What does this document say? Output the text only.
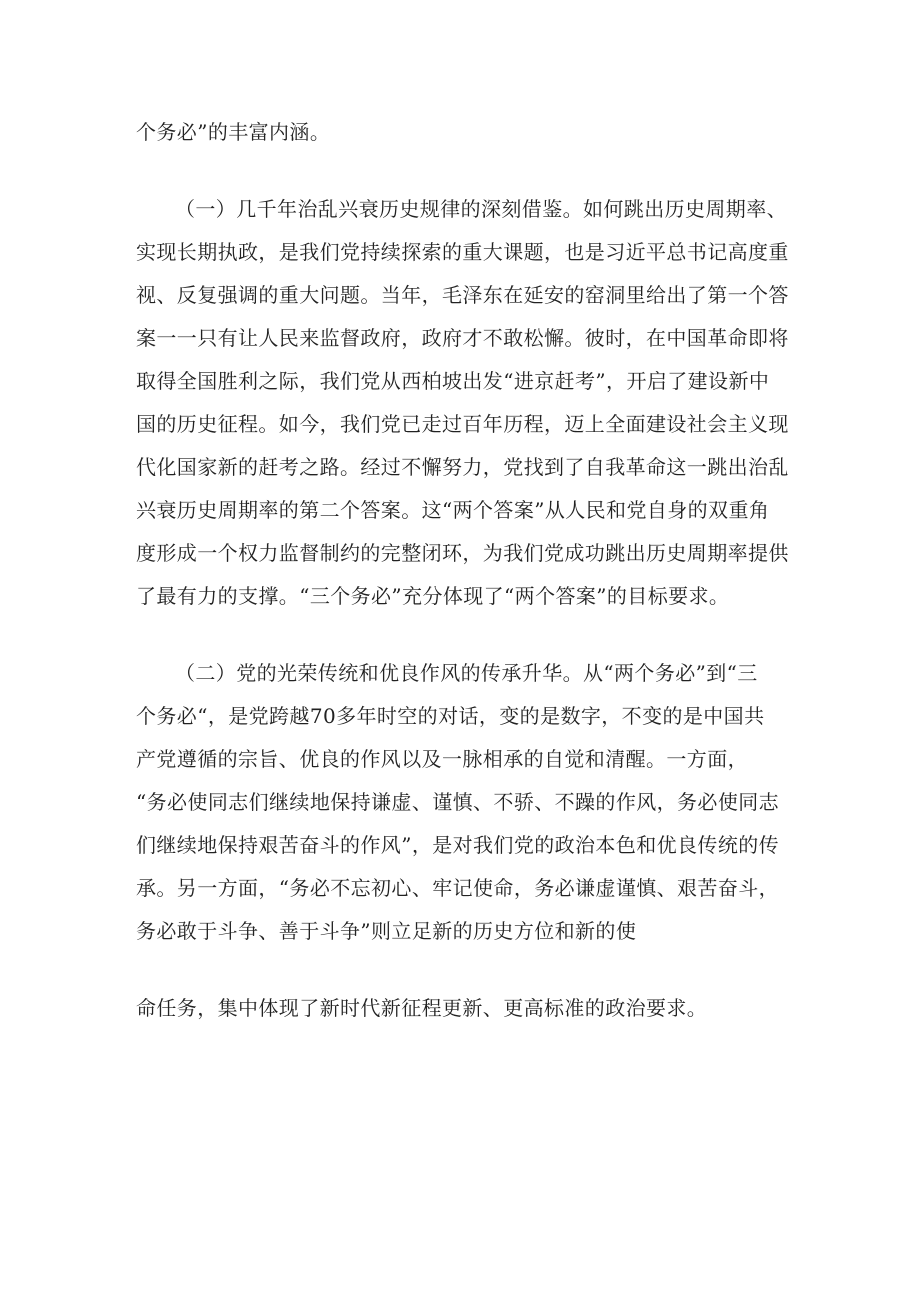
个务必”的丰富内涵。
（一）几千年治乱兴衰历史规律的深刻借鉴。如何跳出历史周期率、
实现长期执政，是我们党持续探索的重大课题，也是习近平总书记高度重
视、反复强调的重大问题。当年，毛泽东在延安的窑洞里给出了第一个答
案一一只有让人民来监督政府，政府才不敢松懈。彼时，在中国革命即将
取得全国胜利之际，我们党从西柏坡出发“进京赶考”，开启了建设新中
国的历史征程。如今，我们党已走过百年历程，迈上全面建设社会主义现
代化国家新的赶考之路。经过不懈努力，党找到了自我革命这一跳出治乱
兴衰历史周期率的第二个答案。这“两个答案”从人民和党自身的双重角
度形成一个权力监督制约的完整闭环，为我们党成功跳出历史周期率提供
了最有力的支撑。“三个务必”充分体现了“两个答案”的目标要求。
（二）党的光荣传统和优良作风的传承升华。从“两个务必”到“三
个务必“，是党跨越70多年时空的对话，变的是数字，不变的是中国共
产党遵循的宗旨、优良的作风以及一脉相承的自觉和清醒。一方面，
“务必使同志们继续地保持谦虚、谨慎、不骄、不躁的作风，务必使同志
们继续地保持艰苦奋斗的作风”，是对我们党的政治本色和优良传统的传
承。另一方面，“务必不忘初心、牢记使命，务必谦虚谨慎、艰苦奋斗，
务必敢于斗争、善于斗争”则立足新的历史方位和新的使
命任务，集中体现了新时代新征程更新、更高标准的政治要求。
